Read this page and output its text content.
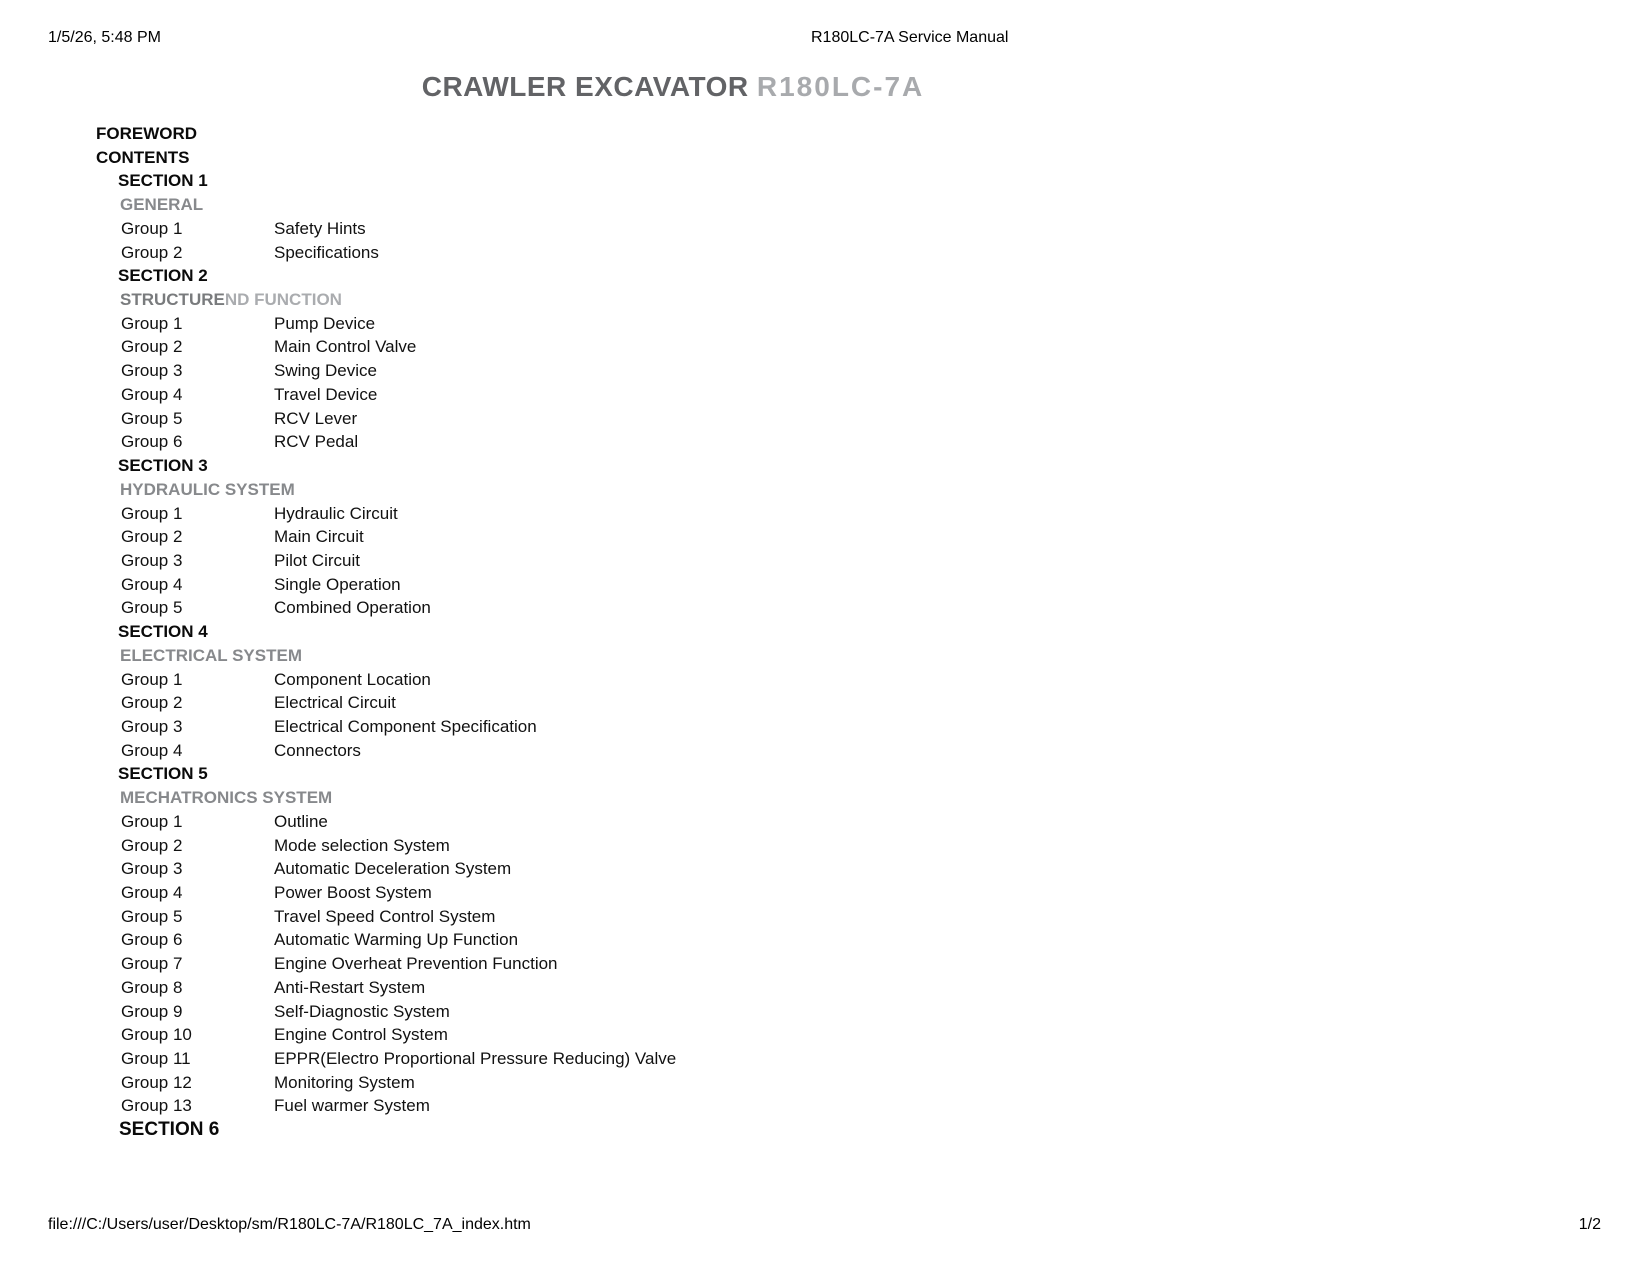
1/5/26, 5:48 PM	R180LC-7A Service Manual
CRAWLER EXCAVATOR R180LC-7A
FOREWORD
CONTENTS
SECTION 1
GENERAL
Group 1	Safety Hints
Group 2	Specifications
SECTION 2
STRUCTUREND FUNCTION
Group 1	Pump Device
Group 2	Main Control Valve
Group 3	Swing Device
Group 4	Travel Device
Group 5	RCV Lever
Group 6	RCV Pedal
SECTION 3
HYDRAULIC SYSTEM
Group 1	Hydraulic Circuit
Group 2	Main Circuit
Group 3	Pilot Circuit
Group 4	Single Operation
Group 5	Combined Operation
SECTION 4
ELECTRICAL SYSTEM
Group 1	Component Location
Group 2	Electrical Circuit
Group 3	Electrical Component Specification
Group 4	Connectors
SECTION 5
MECHATRONICS SYSTEM
Group 1	Outline
Group 2	Mode selection System
Group 3	Automatic Deceleration System
Group 4	Power Boost System
Group 5	Travel Speed Control System
Group 6	Automatic Warming Up Function
Group 7	Engine Overheat Prevention Function
Group 8	Anti-Restart System
Group 9	Self-Diagnostic System
Group 10	Engine Control System
Group 11	EPPR(Electro Proportional Pressure Reducing) Valve
Group 12	Monitoring System
Group 13	Fuel warmer System
SECTION 6
file:///C:/Users/user/Desktop/sm/R180LC-7A/R180LC_7A_index.htm	1/2
